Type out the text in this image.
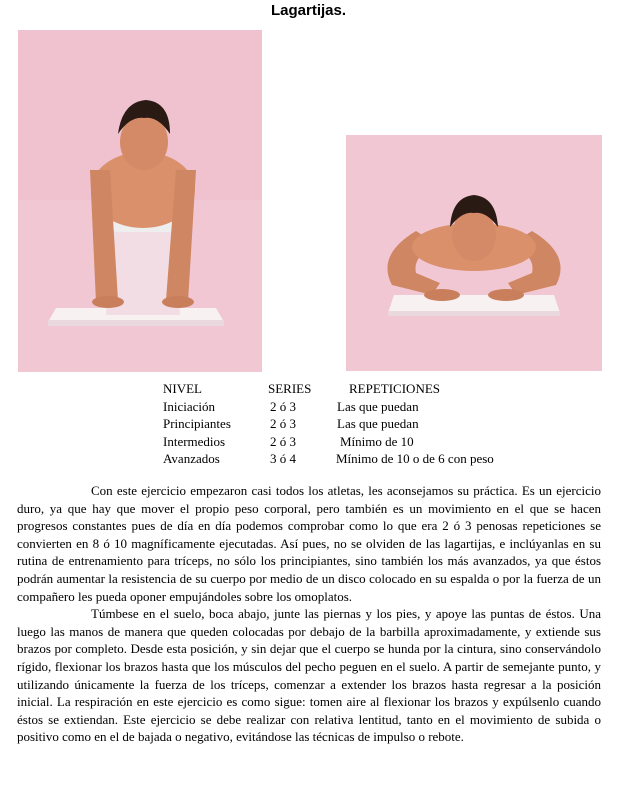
Lagartijas.
NIVEL	SERIES	REPETICIONES
Iniciación	2 ó 3	Las que puedan
Principiantes	2 ó 3	Las que puedan
Intermedios	2 ó 3	Mínimo de 10
Avanzados	3 ó 4	Mínimo de 10 o de 6 con peso

Con este ejercicio empezaron casi todos los atletas, les aconsejamos su práctica. Es un ejercicio duro, ya que hay que mover el propio peso corporal, pero también es un movimiento en el que se hacen progresos constantes pues de día en día podemos comprobar como lo que era 2 ó 3 penosas repeticiones se convierten en 8 ó 10 magníficamente ejecutadas. Así pues, no se olviden de las lagartijas, e inclúyanlas en su rutina de entrenamiento para tríceps, no sólo los principiantes, sino también los más avanzados, ya que éstos podrán aumentar la resistencia de su cuerpo por medio de un disco colocado en su espalda o por la fuerza de un compañero les pueda oponer empujándoles sobre los omoplatos.

Túmbese en el suelo, boca abajo, junte las piernas y los pies, y apoye las puntas de éstos. Una luego las manos de manera que queden colocadas por debajo de la barbilla aproximadamente, y extiende sus brazos por completo. Desde esta posición, y sin dejar que el cuerpo se hunda por la cintura, sino conservándolo rígido, flexionar los brazos hasta que los músculos del pecho peguen en el suelo. A partir de semejante punto, y utilizando únicamente la fuerza de los tríceps, comenzar a extender los brazos hasta regresar a la posición inicial. La respiración en este ejercicio es como sigue: tomen aire al flexionar los brazos y expúlsenlo cuando éstos se extiendan. Este ejercicio se debe realizar con relativa lentitud, tanto en el movimiento de subida o positivo como en el de bajada o negativo, evitándose las técnicas de impulso o rebote.
